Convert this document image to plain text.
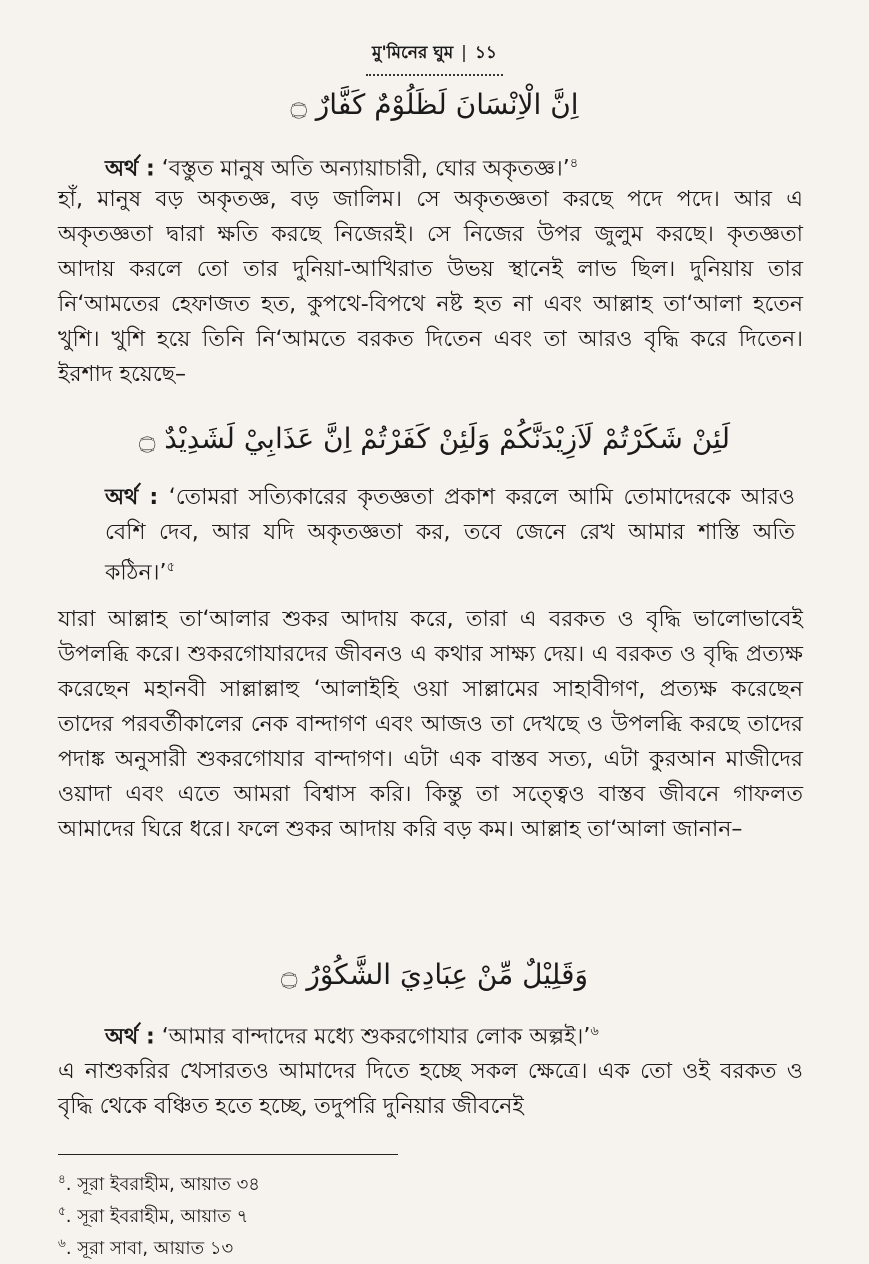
মু'মিনের ঘুম | ১১
اِنَّ الْاِنْسَانَ لَظَلُوْمٌ كَفَّارٌ ۝
অর্থ : ‘বস্তুত মানুষ অতি অন্যায়াচারী, ঘোর অকৃতজ্ঞ।’$^৪$
হাঁ, মানুষ বড় অকৃতজ্ঞ, বড় জালিম। সে অকৃতজ্ঞতা করছে পদে পদে। আর এ অকৃতজ্ঞতা দ্বারা ক্ষতি করছে নিজেরই। সে নিজের উপর জুলুম করছে। কৃতজ্ঞতা আদায় করলে তো তার দুনিয়া-আখিরাত উভয় স্থানেই লাভ ছিল। দুনিয়ায় তার নি‘আমতের হেফাজত হত, কুপথে-বিপথে নষ্ট হত না এবং আল্লাহ তা‘আলা হতেন খুশি। খুশি হয়ে তিনি নি‘আমতে বরকত দিতেন এবং তা আরও বৃদ্ধি করে দিতেন। ইরশাদ হয়েছে–
لَئِنْ شَكَرْتُمْ لَاَزِيْدَنَّكُمْ وَلَئِنْ كَفَرْتُمْ اِنَّ عَذَابِيْ لَشَدِيْدٌ ۝
অর্থ : ‘তোমরা সত্যিকারের কৃতজ্ঞতা প্রকাশ করলে আমি তোমাদেরকে আরও বেশি দেব, আর যদি অকৃতজ্ঞতা কর, তবে জেনে রেখ আমার শাস্তি অতি কঠিন।’$^৫$
যারা আল্লাহ তা‘আলার শুকর আদায় করে, তারা এ বরকত ও বৃদ্ধি ভালোভাবেই উপলব্ধি করে। শুকরগোযারদের জীবনও এ কথার সাক্ষ্য দেয়। এ বরকত ও বৃদ্ধি প্রত্যক্ষ করেছেন মহানবী সাল্লাল্লাহু ‘আলাইহি ওয়া সাল্লামের সাহাবীগণ, প্রত্যক্ষ করেছেন তাদের পরবর্তীকালের নেক বান্দাগণ এবং আজও তা দেখছে ও উপলব্ধি করছে তাদের পদাঙ্ক অনুসারী শুকরগোযার বান্দাগণ। এটা এক বাস্তব সত্য, এটা কুরআন মাজীদের ওয়াদা এবং এতে আমরা বিশ্বাস করি। কিন্তু তা সত্ত্বেও বাস্তব জীবনে গাফলত আমাদের ঘিরে ধরে। ফলে শুকর আদায় করি বড় কম। আল্লাহ তা‘আলা জানান–
وَقَلِيْلٌ مِّنْ عِبَادِيَ الشَّكُوْرُ ۝
অর্থ : ‘আমার বান্দাদের মধ্যে শুকরগোযার লোক অল্পই।’$^৬$
এ নাশুকরির খেসারতও আমাদের দিতে হচ্ছে সকল ক্ষেত্রে। এক তো ওই বরকত ও বৃদ্ধি থেকে বঞ্চিত হতে হচ্ছে, তদুপরি দুনিয়ার জীবনেই
$^৪$. সূরা ইবরাহীম, আয়াত ৩৪
$^৫$. সূরা ইবরাহীম, আয়াত ৭
$^৬$. সূরা সাবা, আয়াত ১৩
